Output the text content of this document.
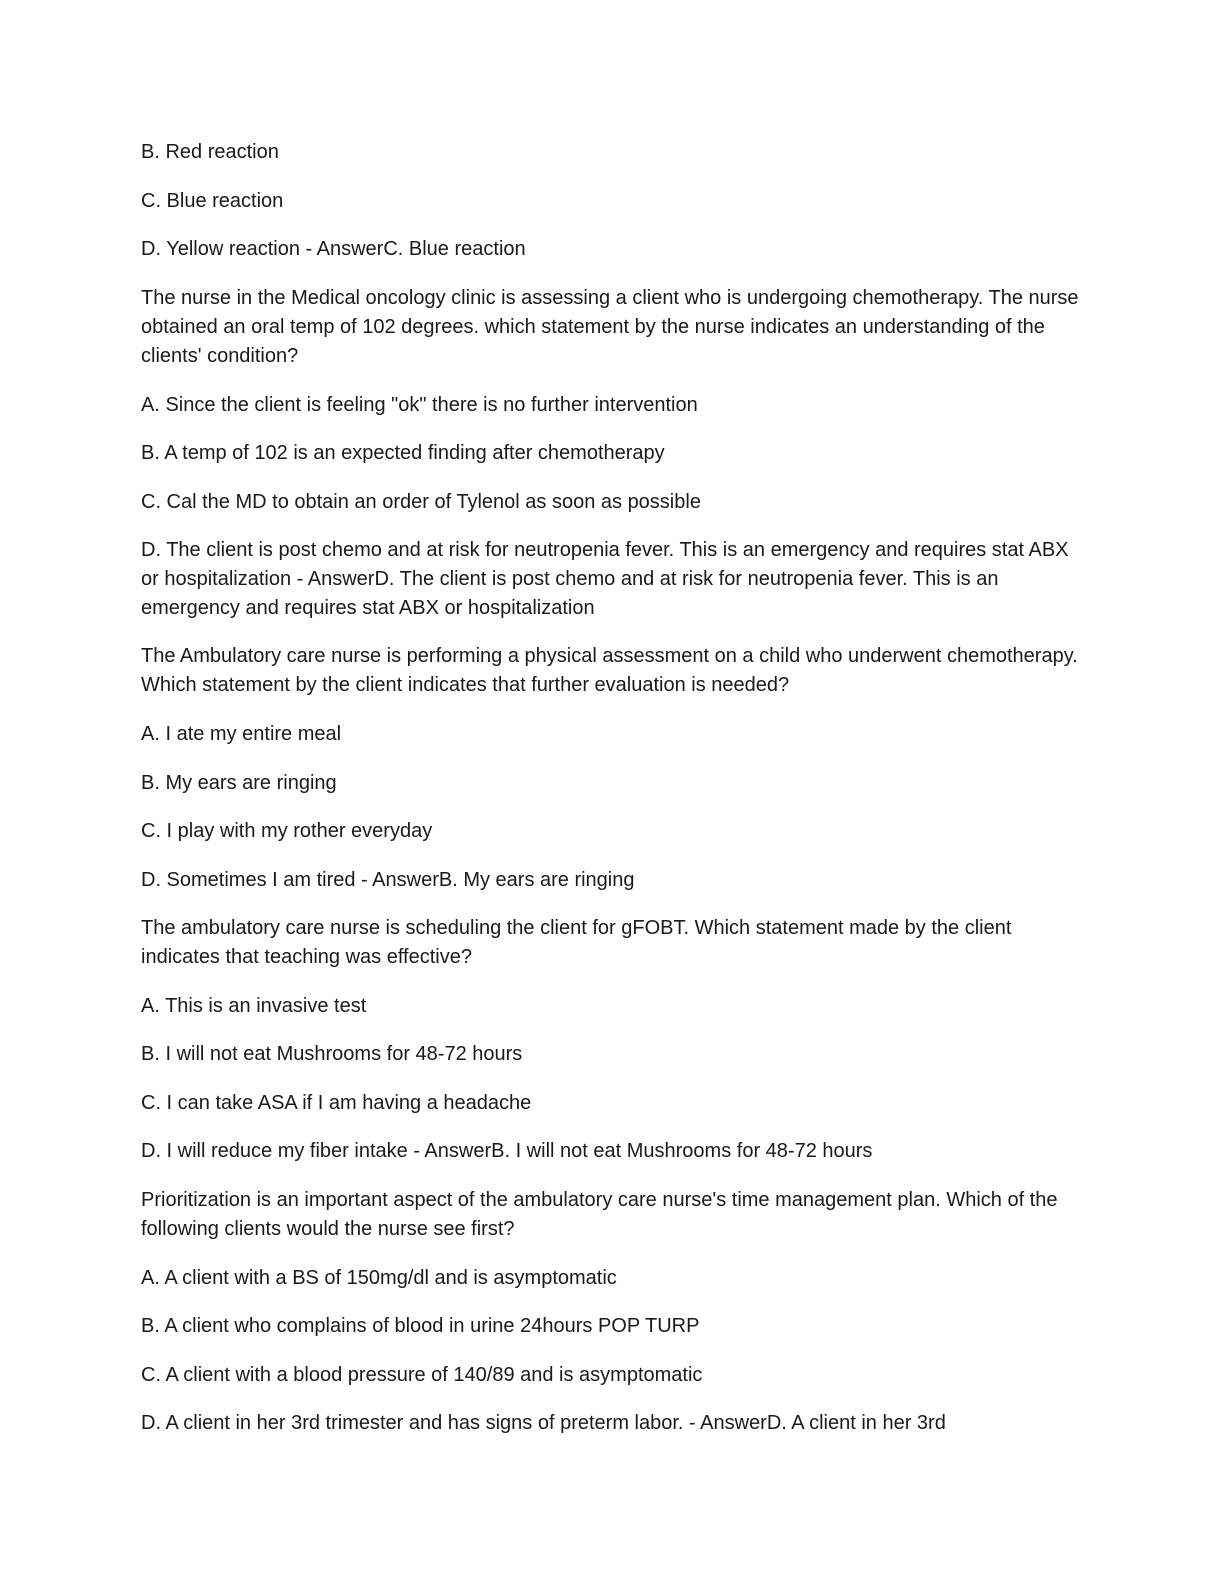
B. Red reaction

C. Blue reaction

D. Yellow reaction - AnswerC. Blue reaction

The nurse in the Medical oncology clinic is assessing a client who is undergoing chemotherapy. The nurse obtained an oral temp of 102 degrees. which statement by the nurse indicates an understanding of the clients' condition?

A. Since the client is feeling "ok" there is no further intervention

B. A temp of 102 is an expected finding after chemotherapy

C. Cal the MD to obtain an order of Tylenol as soon as possible

D. The client is post chemo and at risk for neutropenia fever. This is an emergency and requires stat ABX or hospitalization - AnswerD. The client is post chemo and at risk for neutropenia fever. This is an emergency and requires stat ABX or hospitalization

The Ambulatory care nurse is performing a physical assessment on a child who underwent chemotherapy. Which statement by the client indicates that further evaluation is needed?

A. I ate my entire meal

B. My ears are ringing

C. I play with my rother everyday

D. Sometimes I am tired - AnswerB. My ears are ringing

The ambulatory care nurse is scheduling the client for gFOBT. Which statement made by the client indicates that teaching was effective?

A. This is an invasive test

B. I will not eat Mushrooms for 48-72 hours

C. I can take ASA if I am having a headache

D. I will reduce my fiber intake - AnswerB. I will not eat Mushrooms for 48-72 hours

Prioritization is an important aspect of the ambulatory care nurse's time management plan. Which of the following clients would the nurse see first?

A. A client with a BS of 150mg/dl and is asymptomatic

B. A client who complains of blood in urine 24hours POP TURP

C. A client with a blood pressure of 140/89 and is asymptomatic

D. A client in her 3rd trimester and has signs of preterm labor. - AnswerD. A client in her 3rd
